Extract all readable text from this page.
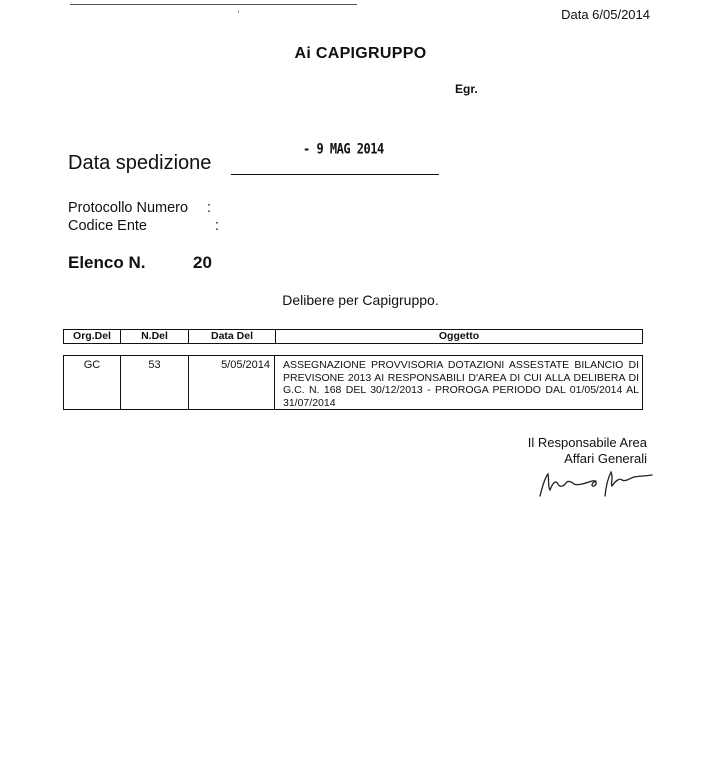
Data 6/05/2014
Ai CAPIGRUPPO
Egr.
- 9 MAG 2014
Data spedizione
Protocollo Numero :
Codice Ente	:
Elenco N.	20
Delibere per Capigruppo.
Org.Del	N.Del	Data Del	Oggetto
GC	53	5/05/2014	ASSEGNAZIONE PROVVISORIA DOTAZIONI ASSESTATE BILANCIO DI PREVISONE 2013 AI RESPONSABILI D'AREA DI CUI ALLA DELIBERA DI G.C. N. 168 DEL 30/12/2013 - PROROGA PERIODO DAL 01/05/2014 AL 31/07/2014
Il Responsabile Area
Affari Generali
